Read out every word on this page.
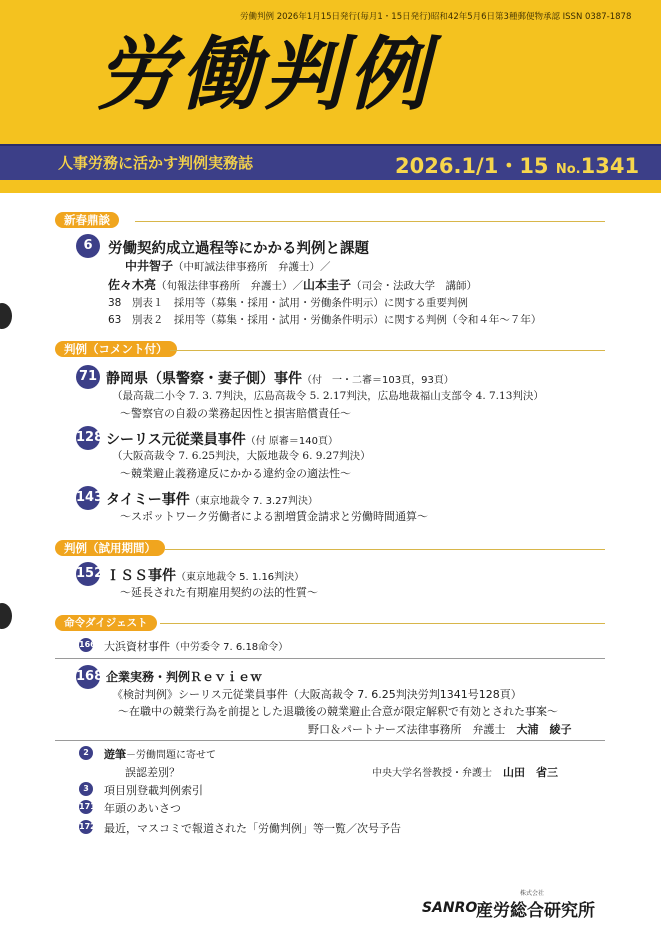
労働判例 2026年1月15日発行(毎月1・15日発行)昭和42年5月6日第3種郵便物承認 ISSN 0387-1878
労働判例
人事労務に活かす判例実務誌	2026.1/1・15 No.1341
新春鼎談
6	労働契約成立過程等にかかる判例と課題
中井智子（中町誠法律事務所　弁護士）／
佐々木亮（旬報法律事務所　弁護士）／山本圭子（司会・法政大学　講師）
38　別表１　採用等（募集・採用・試用・労働条件明示）に関する重要判例
63　別表２　採用等（募集・採用・試用・労働条件明示）に関する判例（令和４年～７年）
判例（コメント付）
71 静岡県（県警察・妻子側）事件（付　一・二審＝103頁，93頁）
（最高裁二小令 7. 3. 7判決，広島高裁令 5. 2.17判決，広島地裁福山支部令 4. 7.13判決）
～警察官の自殺の業務起因性と損害賠償責任～
128 シーリス元従業員事件（付 原審＝140頁）
（大阪高裁令 7. 6.25判決，大阪地裁令 6. 9.27判決）
～競業避止義務違反にかかる違約金の適法性～
143 タイミー事件（東京地裁令 7. 3.27判決）
～スポットワーク労働者による割増賃金請求と労働時間通算～
判例（試用期間）
152 ＩＳＳ事件（東京地裁令 5. 1.16判決）
～延長された有期雇用契約の法的性質～
命令ダイジェスト
166 大浜資材事件（中労委令 7. 6.18命令）
168 企業実務・判例Ｒｅｖｉｅｗ
《検討判例》シーリス元従業員事件（大阪高裁令 7. 6.25判決労判1341号128頁）
～在職中の競業行為を前提とした退職後の競業避止合意が限定解釈で有効とされた事案～
野口＆パートナーズ法律事務所　弁護士　 大浦　綾子
2	遊筆－労働問題に寄せて
誤認差別？	中央大学名誉教授・弁護士　 山田　省三
3	項目別登載判例索引
171 年頭のあいさつ
172 最近，マスコミで報道された「労働判例」等一覧／次号予告
株式会社
SANRO
産労総合研究所
